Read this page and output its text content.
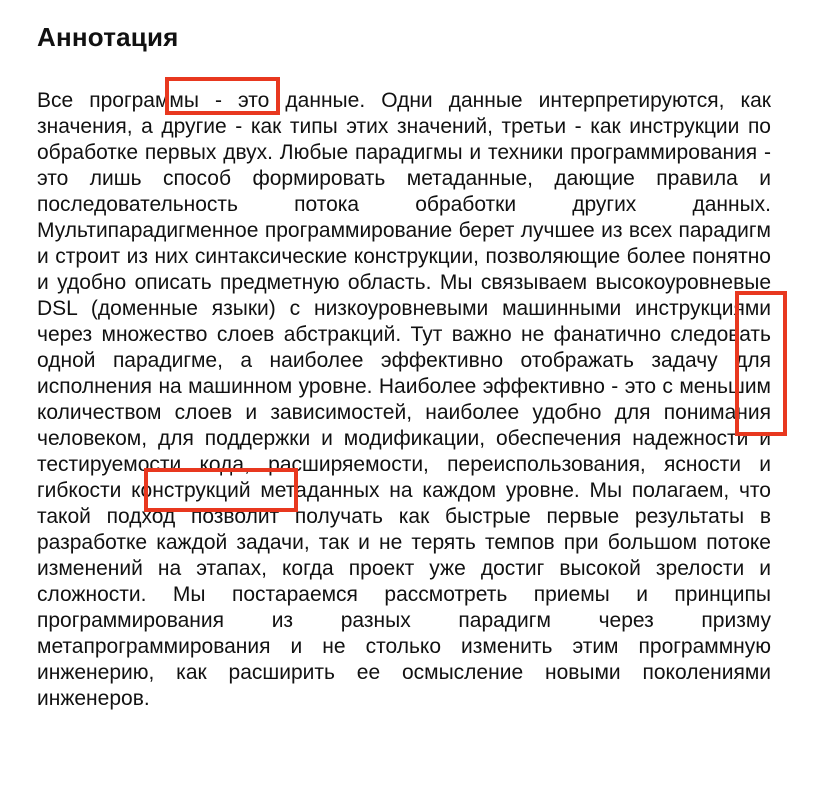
Аннотация

Все программы - это данные. Одни данные интерпретируются, как значения, а другие - как типы этих значений, третьи - как инструкции по обработке первых двух. Любые парадигмы и техники программирования - это лишь способ формировать метаданные, дающие правила и последовательность потока обработки других данных. Мультипарадигменное программирование берет лучшее из всех парадигм и строит из них синтаксические конструкции, позволяющие более понятно и удобно описать предметную область. Мы связываем высокоуровневые DSL (доменные языки) с низкоуровневыми машинными инструкциями через множество слоев абстракций. Тут важно не фанатично следовать одной парадигме, а наиболее эффективно отображать задачу для исполнения на машинном уровне. Наиболее эффективно - это с меньшим количеством слоев и зависимостей, наиболее удобно для понимания человеком, для поддержки и модификации, обеспечения надежности и тестируемости кода, расширяемости, переиспользования, ясности и гибкости конструкций метаданных на каждом уровне. Мы полагаем, что такой подход позволит получать как быстрые первые результаты в разработке каждой задачи, так и не терять темпов при большом потоке изменений на этапах, когда проект уже достиг высокой зрелости и сложности. Мы постараемся рассмотреть приемы и принципы программирования из разных парадигм через призму метапрограммирования и не столько изменить этим программную инженерию, как расширить ее осмысление новыми поколениями инженеров.
